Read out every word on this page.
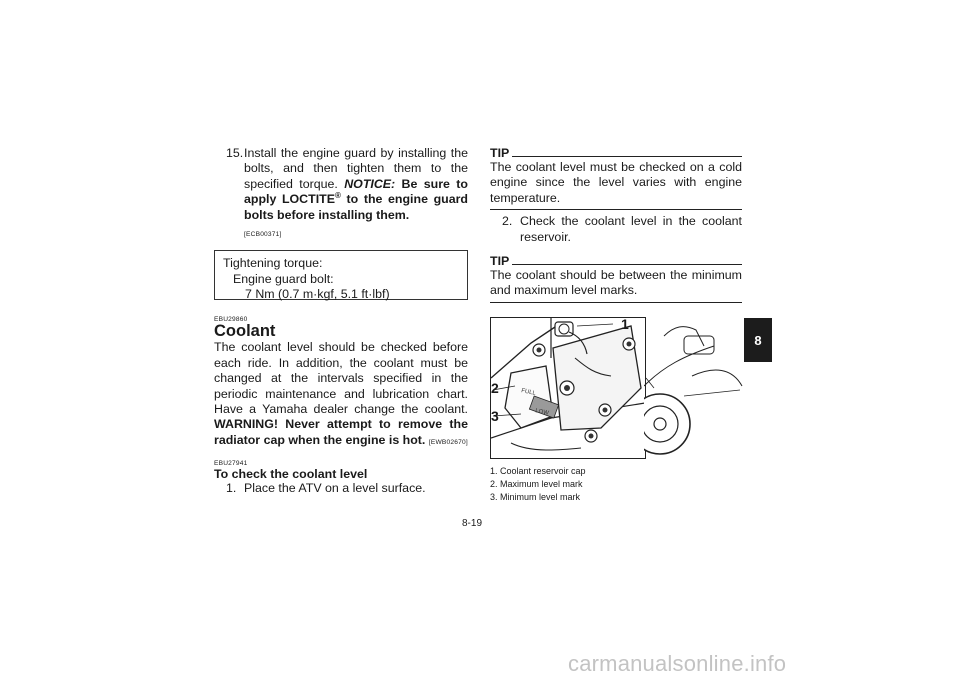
15. Install the engine guard by installing the bolts, and then tighten them to the specified torque. NOTICE: Be sure to apply LOCTITE® to the engine guard bolts before installing them.
[ECB00371]
Tightening torque:
Engine guard bolt:
7 Nm (0.7 m·kgf, 5.1 ft·lbf)
EBU29860
Coolant
The coolant level should be checked before each ride. In addition, the coolant must be changed at the intervals specified in the periodic maintenance and lubrication chart. Have a Yamaha dealer change the coolant. WARNING! Never attempt to remove the radiator cap when the engine is hot. [EWB02670]
EBU27941
To check the coolant level
1. Place the ATV on a level surface.
TIP
The coolant level must be checked on a cold engine since the level varies with engine temperature.
2. Check the coolant level in the coolant reservoir.
TIP
The coolant should be between the minimum and maximum level marks.
FULL
LOW
1
2
3
1. Coolant reservoir cap
2. Maximum level mark
3. Minimum level mark
8-19
8
carmanualsonline.info
